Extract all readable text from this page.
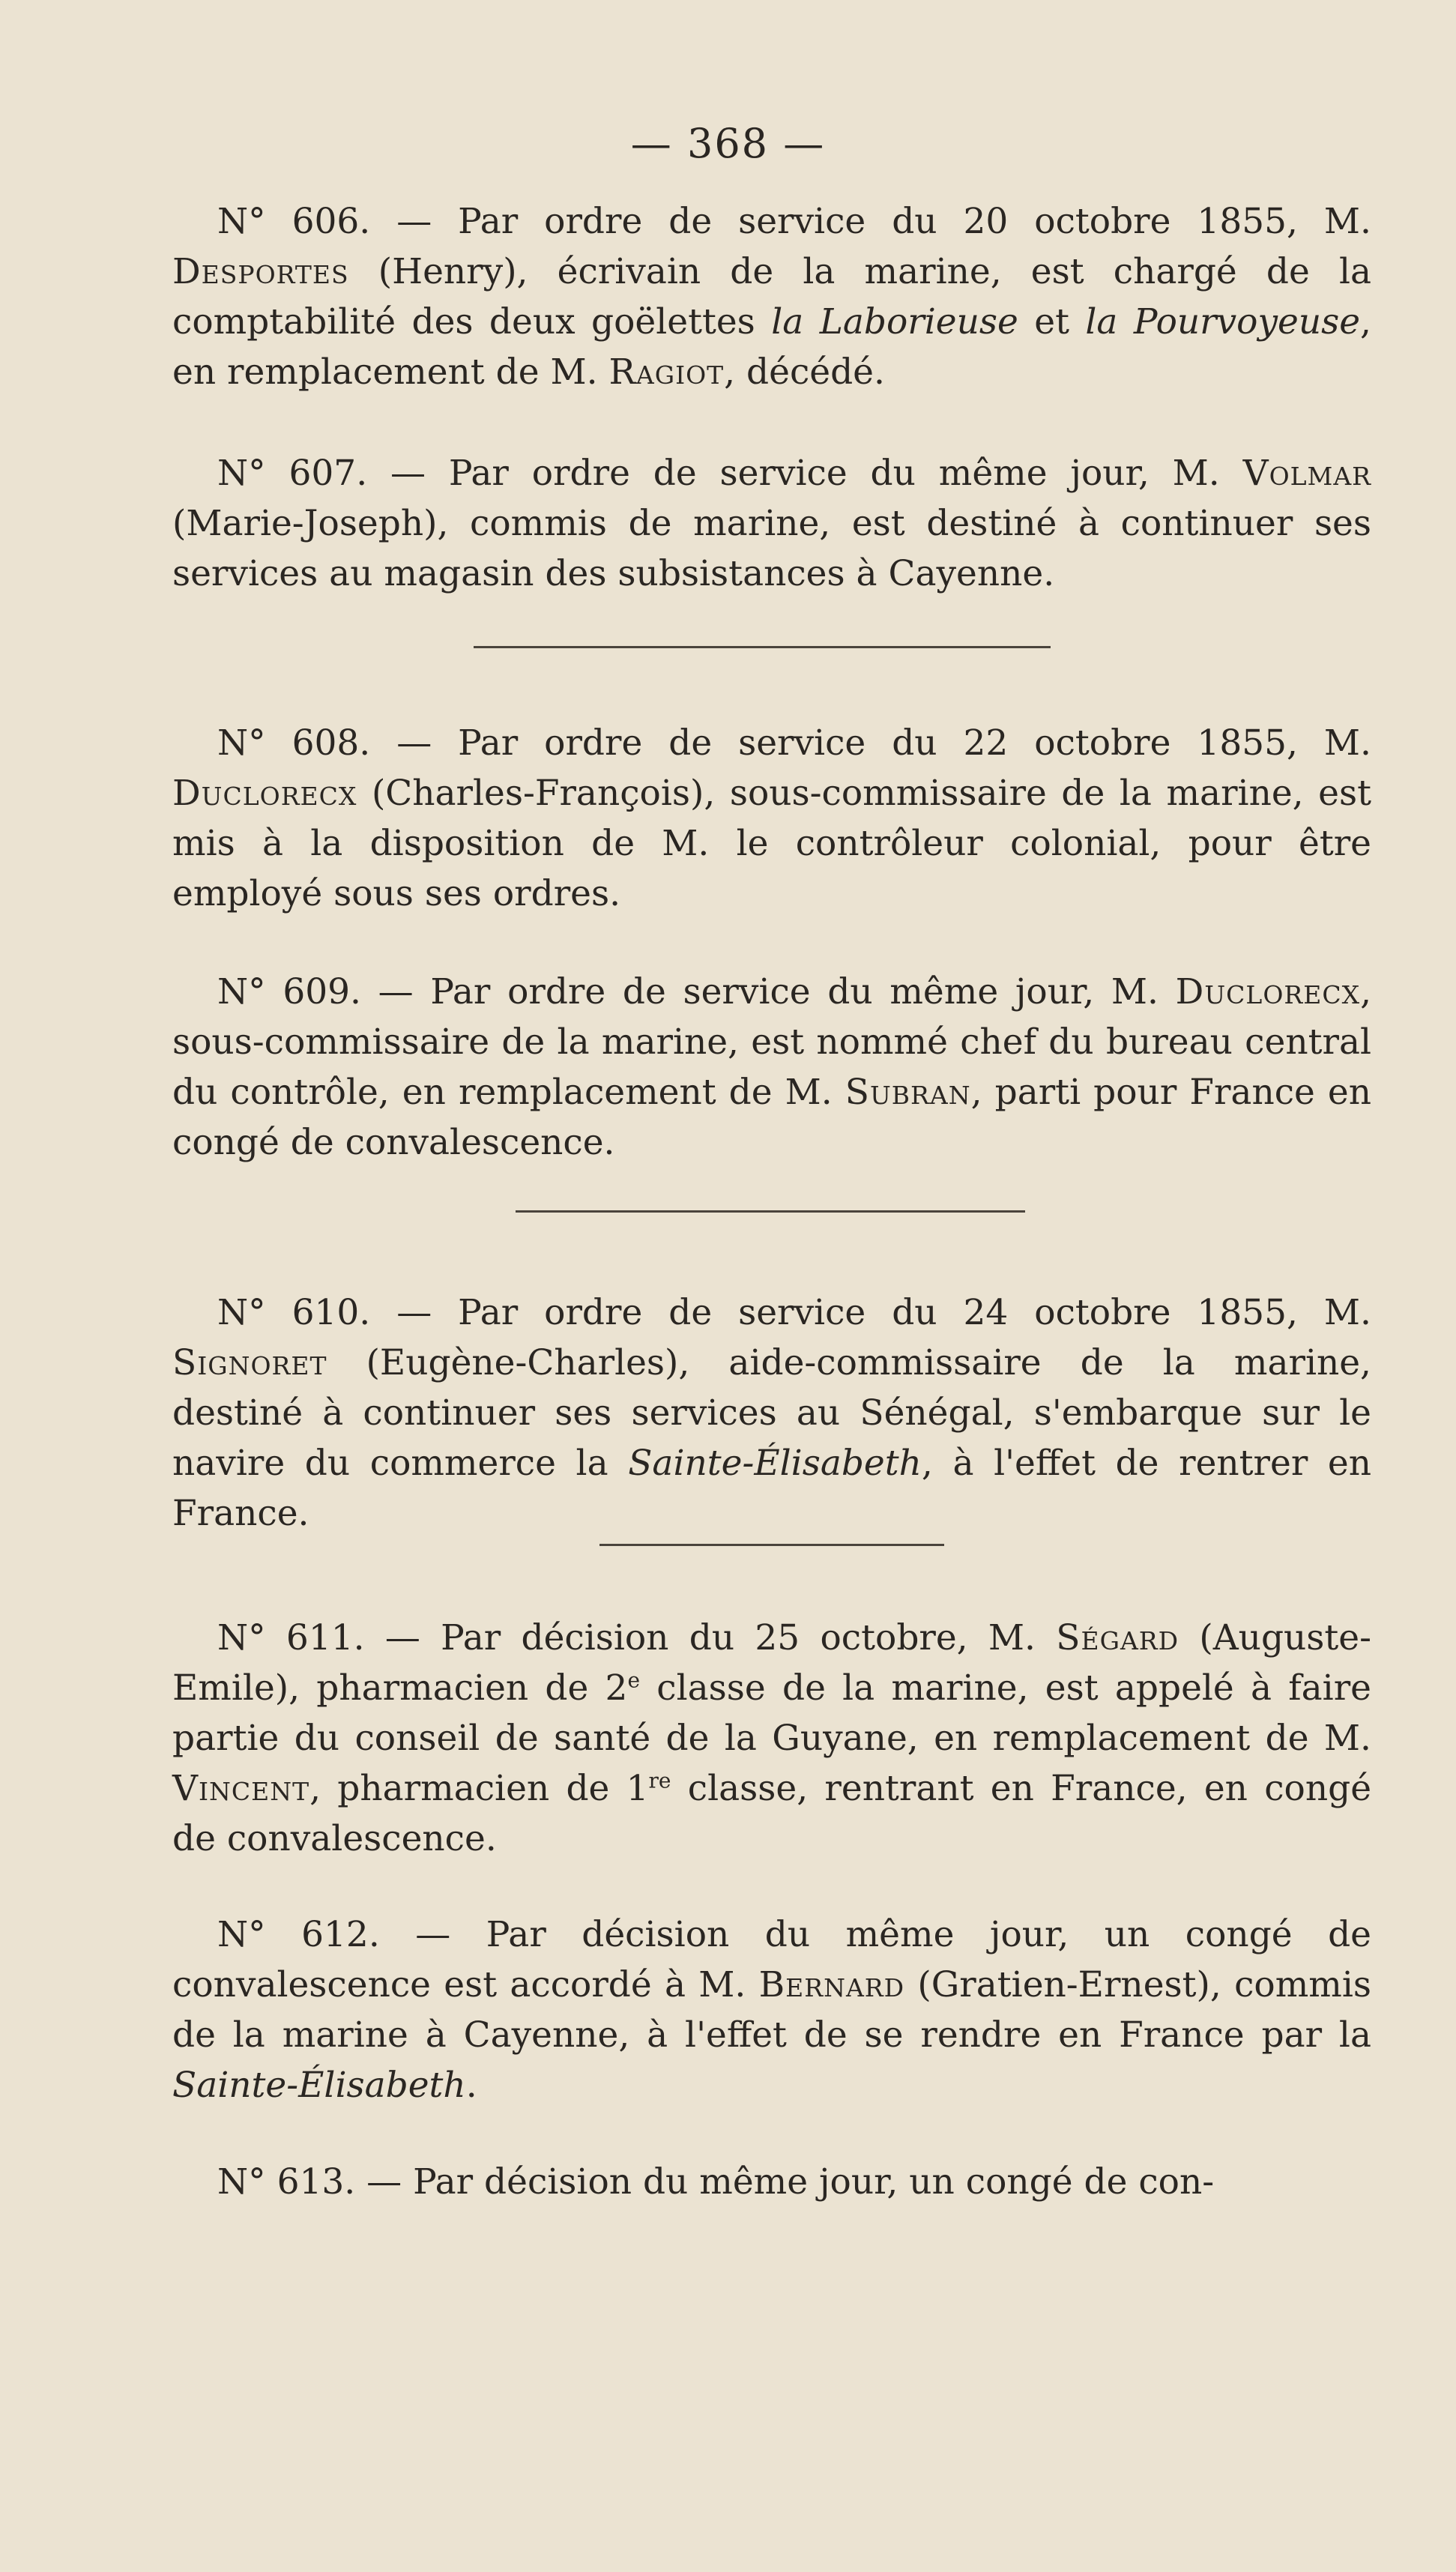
— 368 —
N° 606. — Par ordre de service du 20 octobre 1855, M. Desportes (Henry), écrivain de la marine, est chargé de la comptabilité des deux goëlettes la Laborieuse et la Pourvoyeuse, en remplacement de M. Ragiot, décédé.
N° 607. — Par ordre de service du même jour, M. Volmar (Marie-Joseph), commis de marine, est destiné à continuer ses services au magasin des subsistances à Cayenne.
N° 608. — Par ordre de service du 22 octobre 1855, M. Duclorecx (Charles-François), sous-commissaire de la marine, est mis à la disposition de M. le contrôleur colonial, pour être employé sous ses ordres.
N° 609. — Par ordre de service du même jour, M. Duclorecx, sous-commissaire de la marine, est nommé chef du bureau central du contrôle, en remplacement de M. Subran, parti pour France en congé de convalescence.
N° 610. — Par ordre de service du 24 octobre 1855, M. Signoret (Eugène-Charles), aide-commissaire de la marine, destiné à continuer ses services au Sénégal, s'embarque sur le navire du commerce la Sainte-Élisabeth, à l'effet de rentrer en France.
N° 611. — Par décision du 25 octobre, M. Ségard (Auguste-Emile), pharmacien de 2e classe de la marine, est appelé à faire partie du conseil de santé de la Guyane, en remplacement de M. Vincent, pharmacien de 1re classe, rentrant en France, en congé de convalescence.
N° 612. — Par décision du même jour, un congé de convalescence est accordé à M. Bernard (Gratien-Ernest), commis de la marine à Cayenne, à l'effet de se rendre en France par la Sainte-Élisabeth.
N° 613. — Par décision du même jour, un congé de con-
